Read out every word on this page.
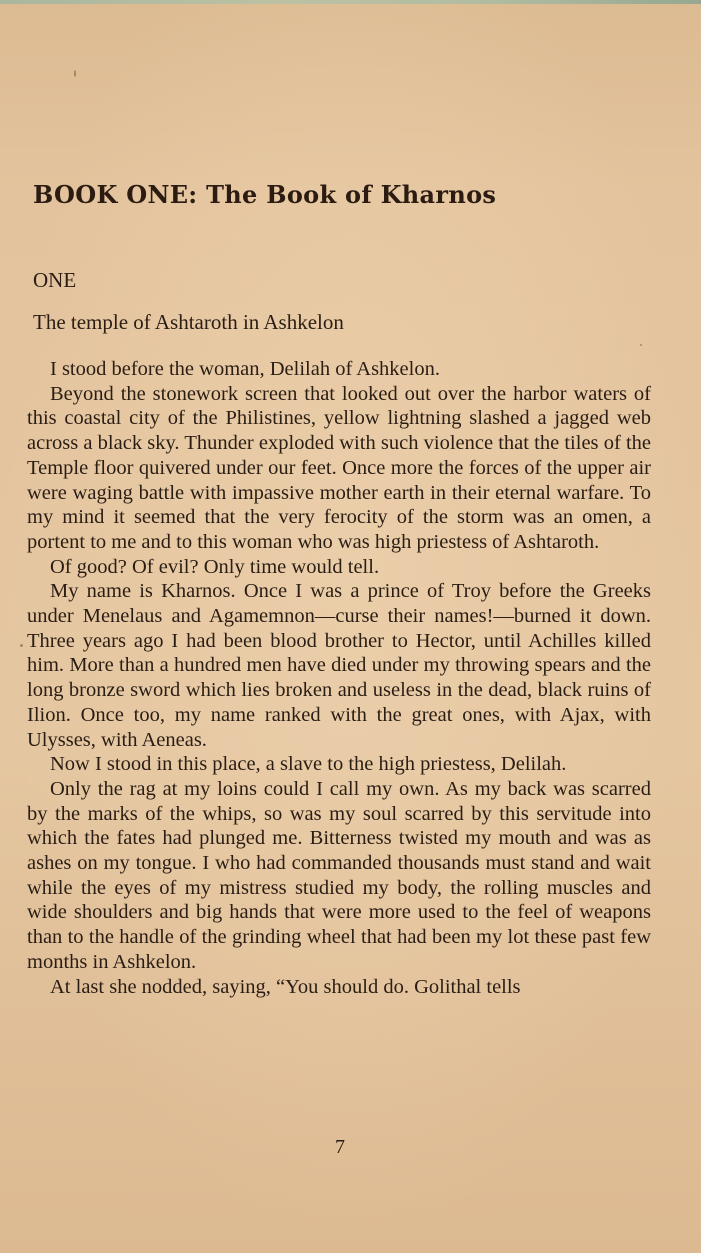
BOOK ONE: The Book of Kharnos
ONE
The temple of Ashtaroth in Ashkelon

I stood before the woman, Delilah of Ashkelon.

Beyond the stonework screen that looked out over the harbor waters of this coastal city of the Philistines, yellow lightning slashed a jagged web across a black sky. Thunder exploded with such violence that the tiles of the Temple floor quivered under our feet. Once more the forces of the upper air were waging battle with impassive mother earth in their eternal warfare. To my mind it seemed that the very ferocity of the storm was an omen, a portent to me and to this woman who was high priestess of Ashtaroth.

Of good? Of evil? Only time would tell.

My name is Kharnos. Once I was a prince of Troy before the Greeks under Menelaus and Agamemnon—curse their names!—burned it down. Three years ago I had been blood brother to Hector, until Achilles killed him. More than a hundred men have died under my throwing spears and the long bronze sword which lies broken and useless in the dead, black ruins of Ilion. Once too, my name ranked with the great ones, with Ajax, with Ulysses, with Aeneas.

Now I stood in this place, a slave to the high priestess, Delilah.

Only the rag at my loins could I call my own. As my back was scarred by the marks of the whips, so was my soul scarred by this servitude into which the fates had plunged me. Bitterness twisted my mouth and was as ashes on my tongue. I who had commanded thousands must stand and wait while the eyes of my mistress studied my body, the rolling muscles and wide shoulders and big hands that were more used to the feel of weapons than to the handle of the grinding wheel that had been my lot these past few months in Ashkelon.

At last she nodded, saying, “You should do. Golithal tells

7
